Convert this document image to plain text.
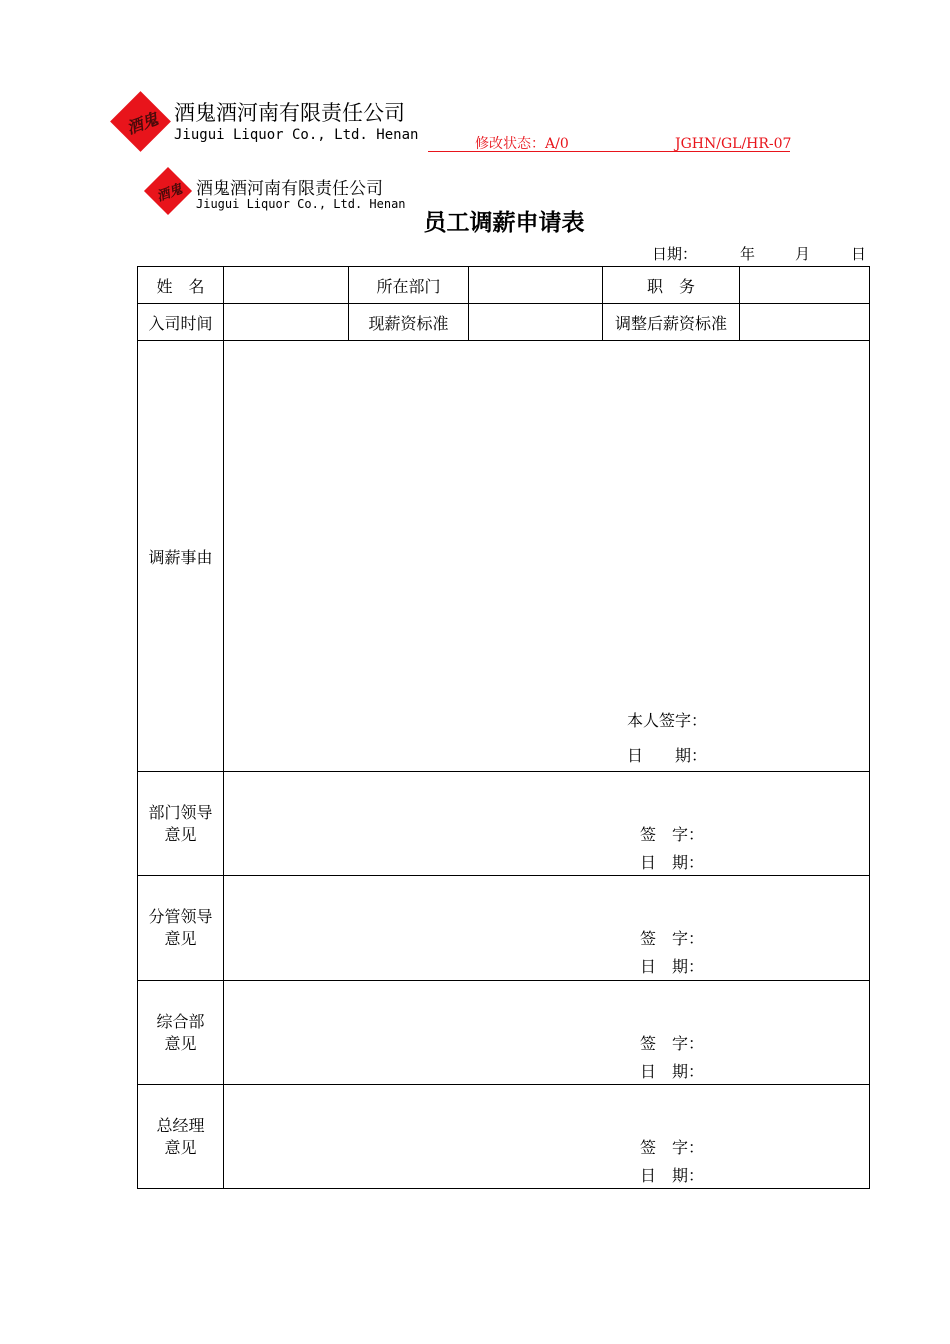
酒鬼 酒鬼酒河南有限责任公司
Jiugui Liquor Co., Ltd. Henan
修改状态：A/0	JGHN/GL/HR-07
酒鬼 酒鬼酒河南有限责任公司
Jiugui Liquor Co., Ltd. Henan
员工调薪申请表
日期：	年	月	日
姓　名		所在部门		职　务	
入司时间		现薪资标准		调整后薪资标准	
调薪事由	本人签字：
日　　期：				

部门领导
意见	签　字：
日　期：				

分管领导
意见	签　字：
日　期：				

综合部
意见	签　字：
日　期：				

总经理
意见	签　字：
日　期：				
